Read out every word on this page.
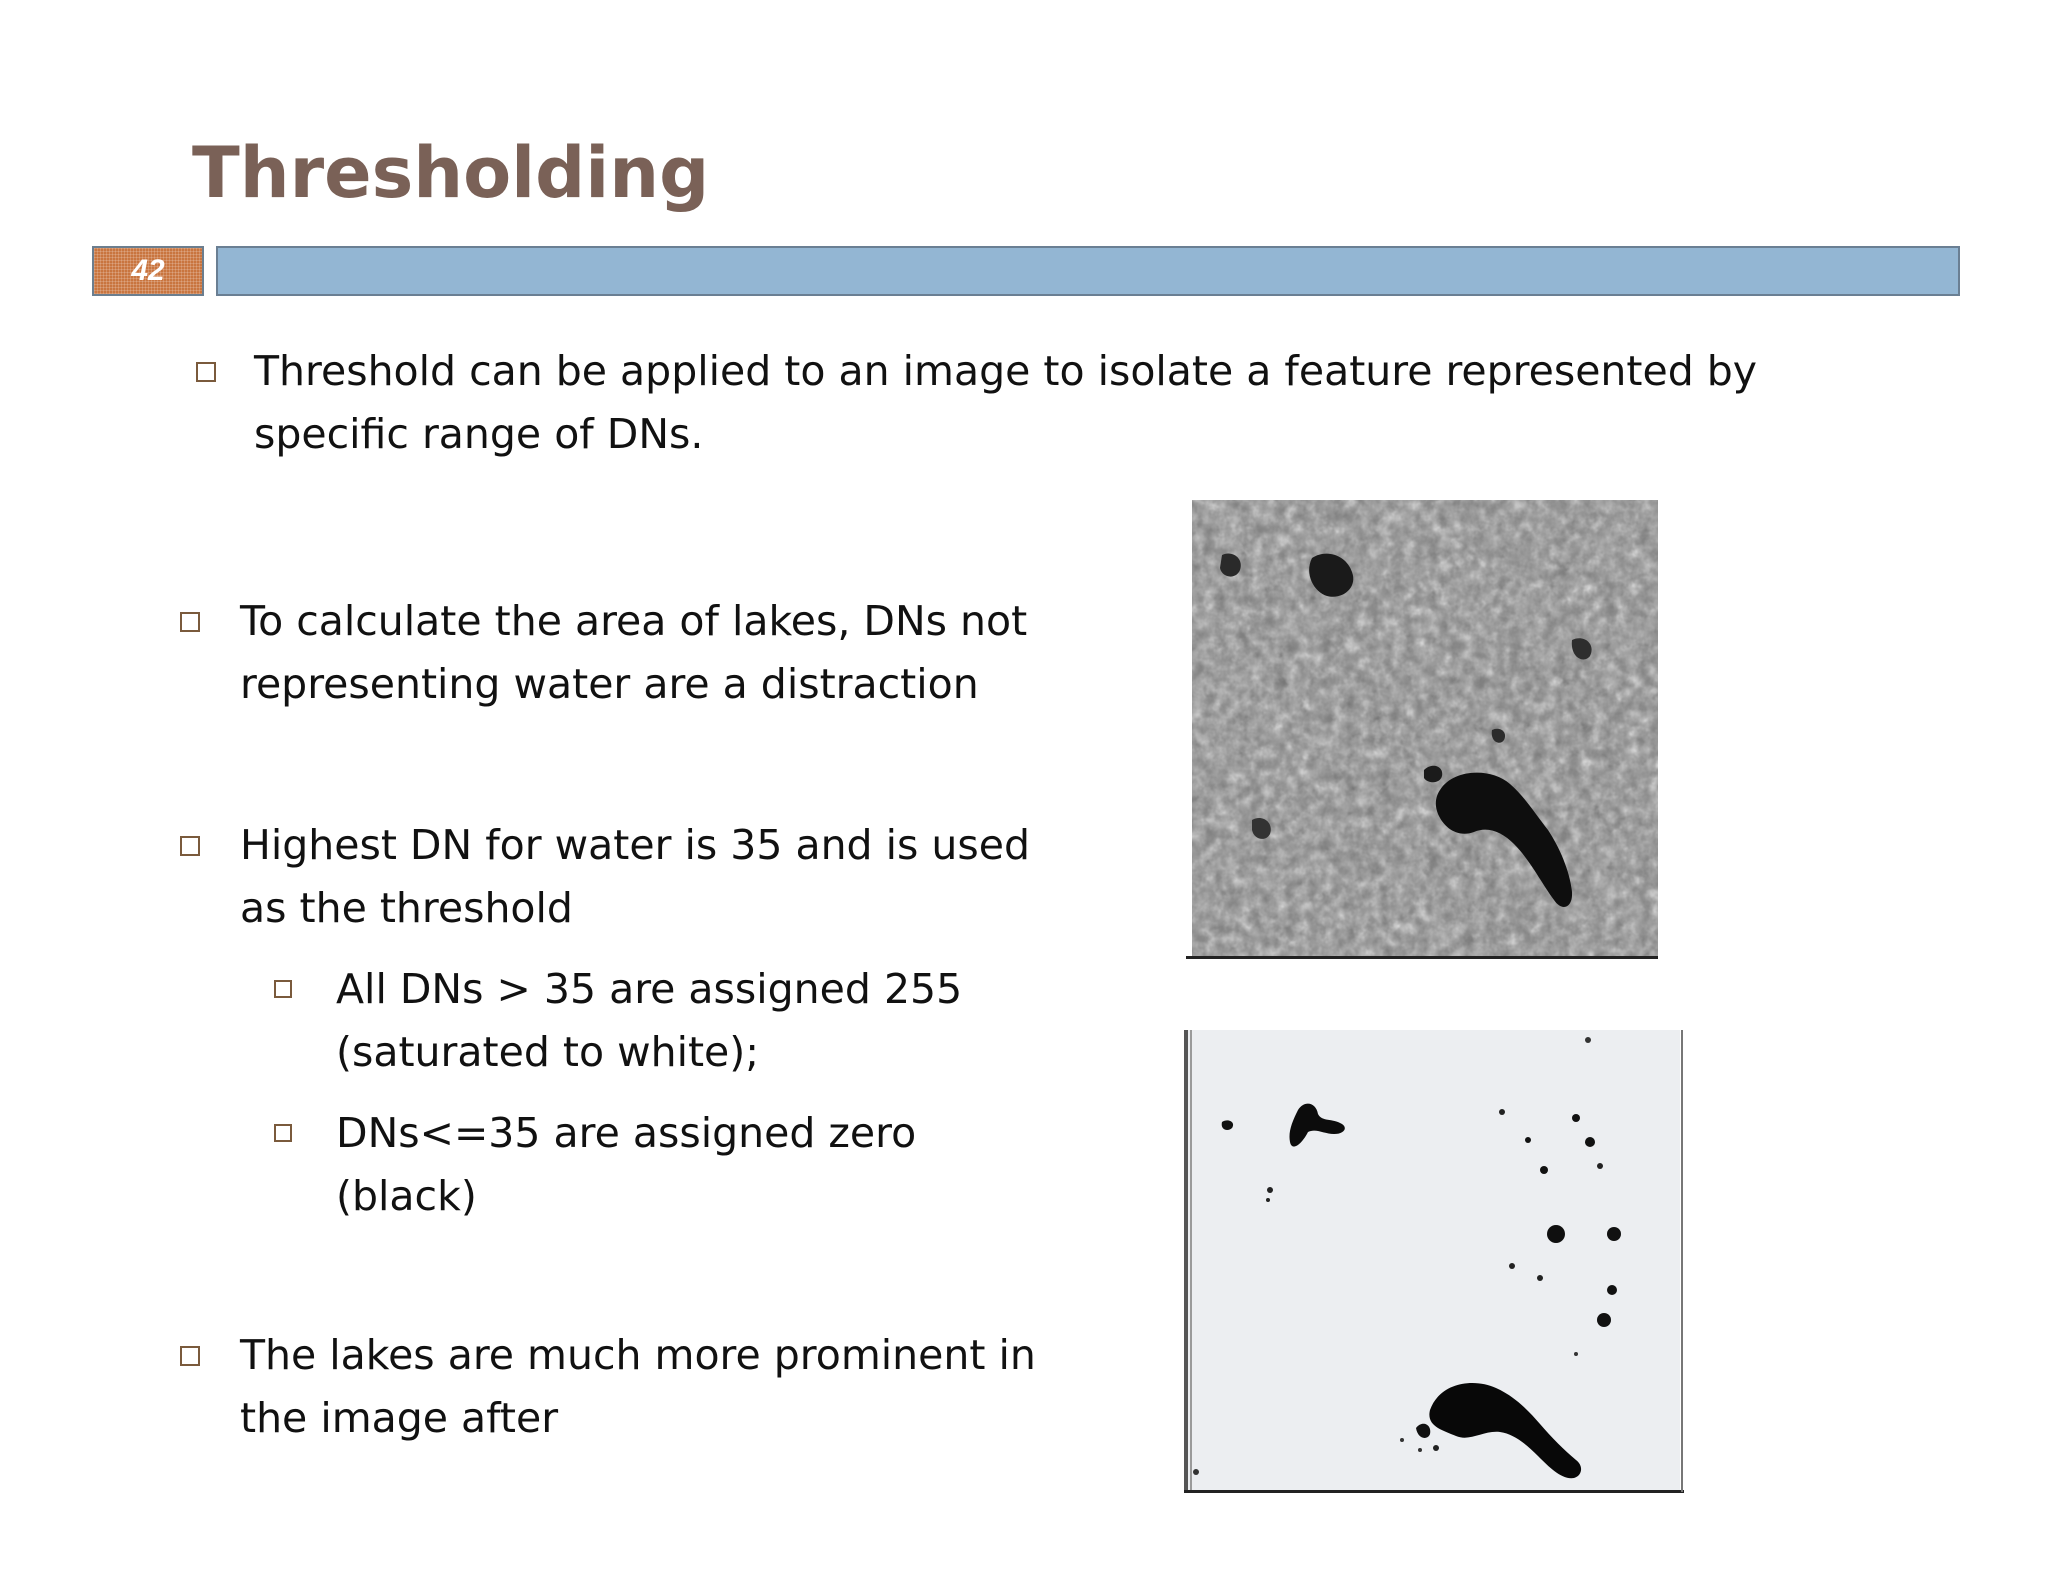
Thresholding
42

Threshold can be applied to an image to isolate a feature represented by specific range of DNs.

To calculate the area of lakes, DNs not representing water are a distraction

Highest DN for water is 35 and is used as the threshold

All DNs > 35 are assigned 255 (saturated to white);

DNs<=35 are assigned zero (black)

The lakes are much more prominent in the image after
